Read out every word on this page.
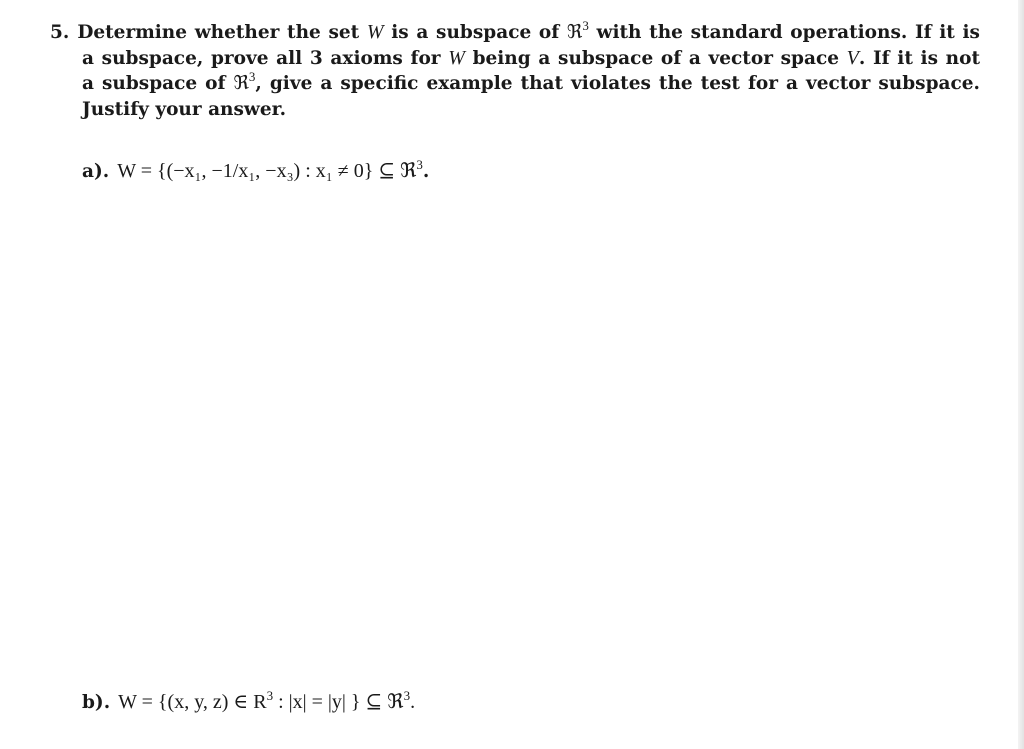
5. Determine whether the set W is a subspace of ℜ$^3$ with the standard operations. If it is
a subspace, prove all 3 axioms for W being a subspace of a vector space V. If it is not
a subspace of ℜ$^3$, give a specific example that violates the test for a vector subspace.
Justify your answer.
a). W = {(−x₁, −1/x₁, −x₃) : x₁ ≠ 0} ⊆ ℜ$^3$.
b). W = {(x, y, z) ∈ $R^3$ : |x| = |y| } ⊆ ℜ$^3$.
